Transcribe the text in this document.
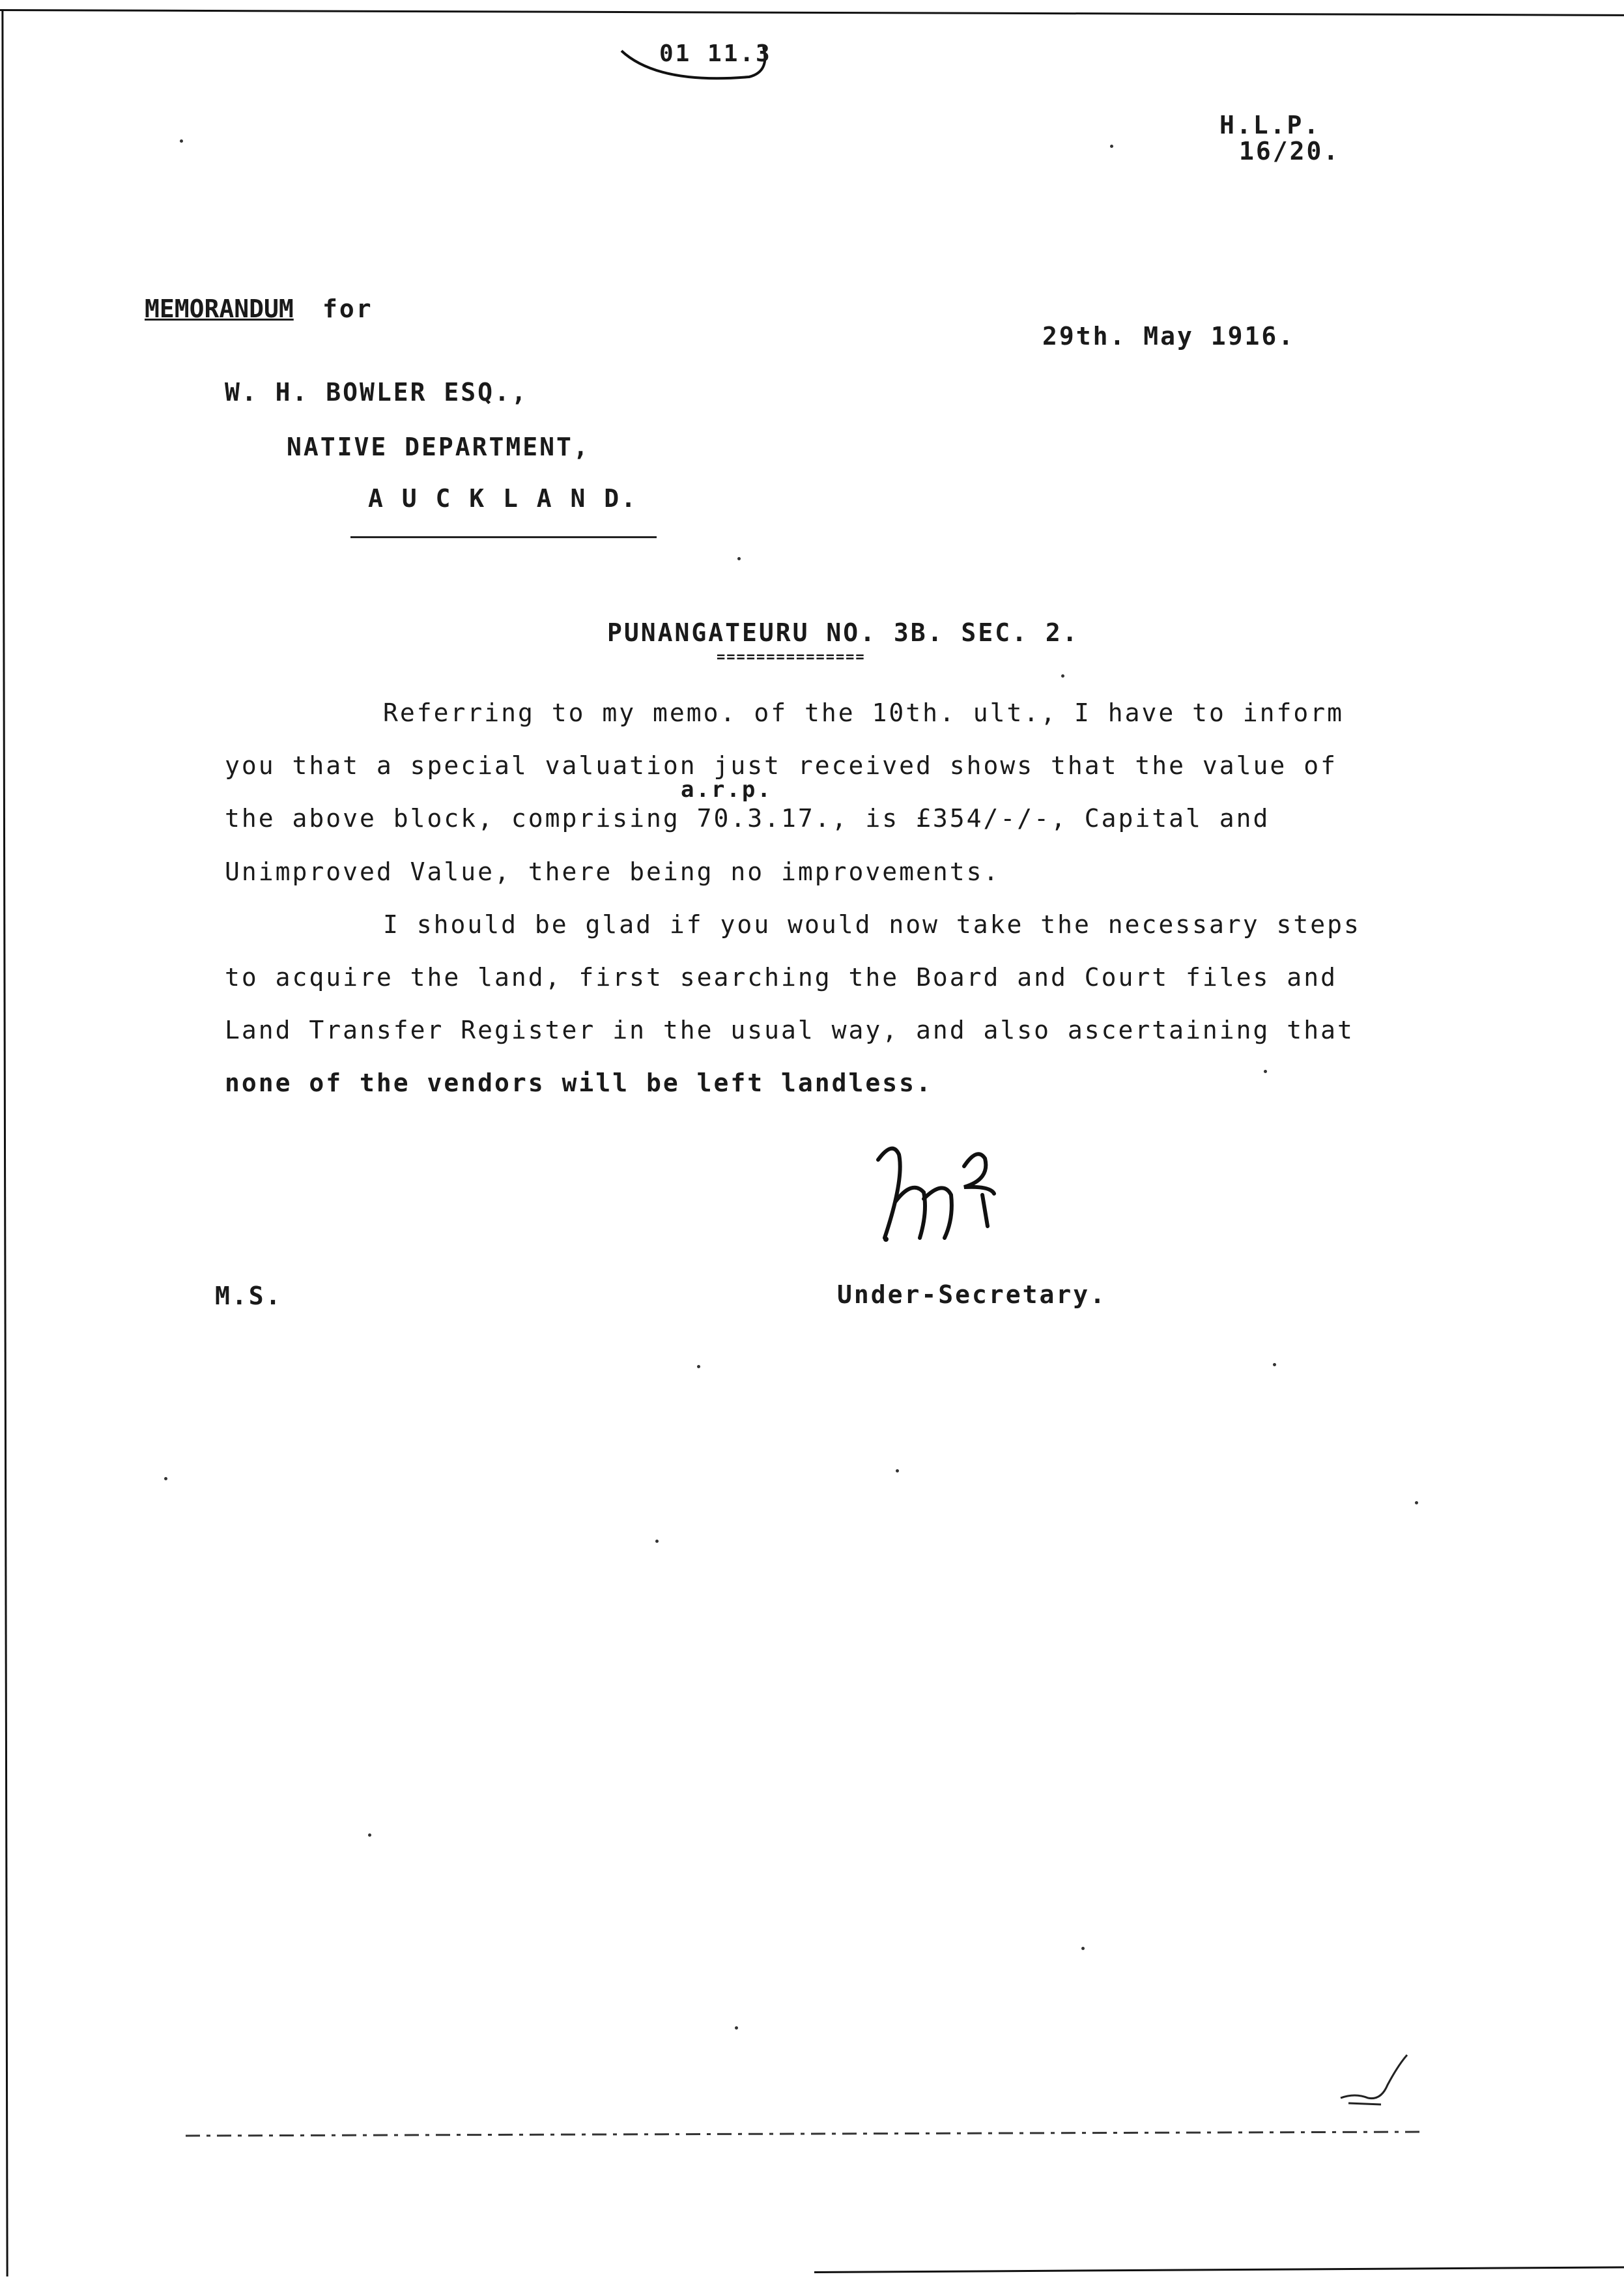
01 11.3
H.L.P.
16/20.
MEMORANDUM for
29th. May 1916.
W. H. BOWLER ESQ.,
NATIVE DEPARTMENT,
A U C K L A N D.
PUNANGATEURU NO. 3B. SEC. 2.
===============
Referring to my memo. of the 10th. ult., I have to inform
you that a special valuation just received shows that the value of
a.r.p.
the above block, comprising 70.3.17., is £354/-/-, Capital and
Unimproved Value, there being no improvements.
I should be glad if you would now take the necessary steps
to acquire the land, first searching the Board and Court files and
Land Transfer Register in the usual way, and also ascertaining that
none of the vendors will be left landless.
M.S.	Under-Secretary.
